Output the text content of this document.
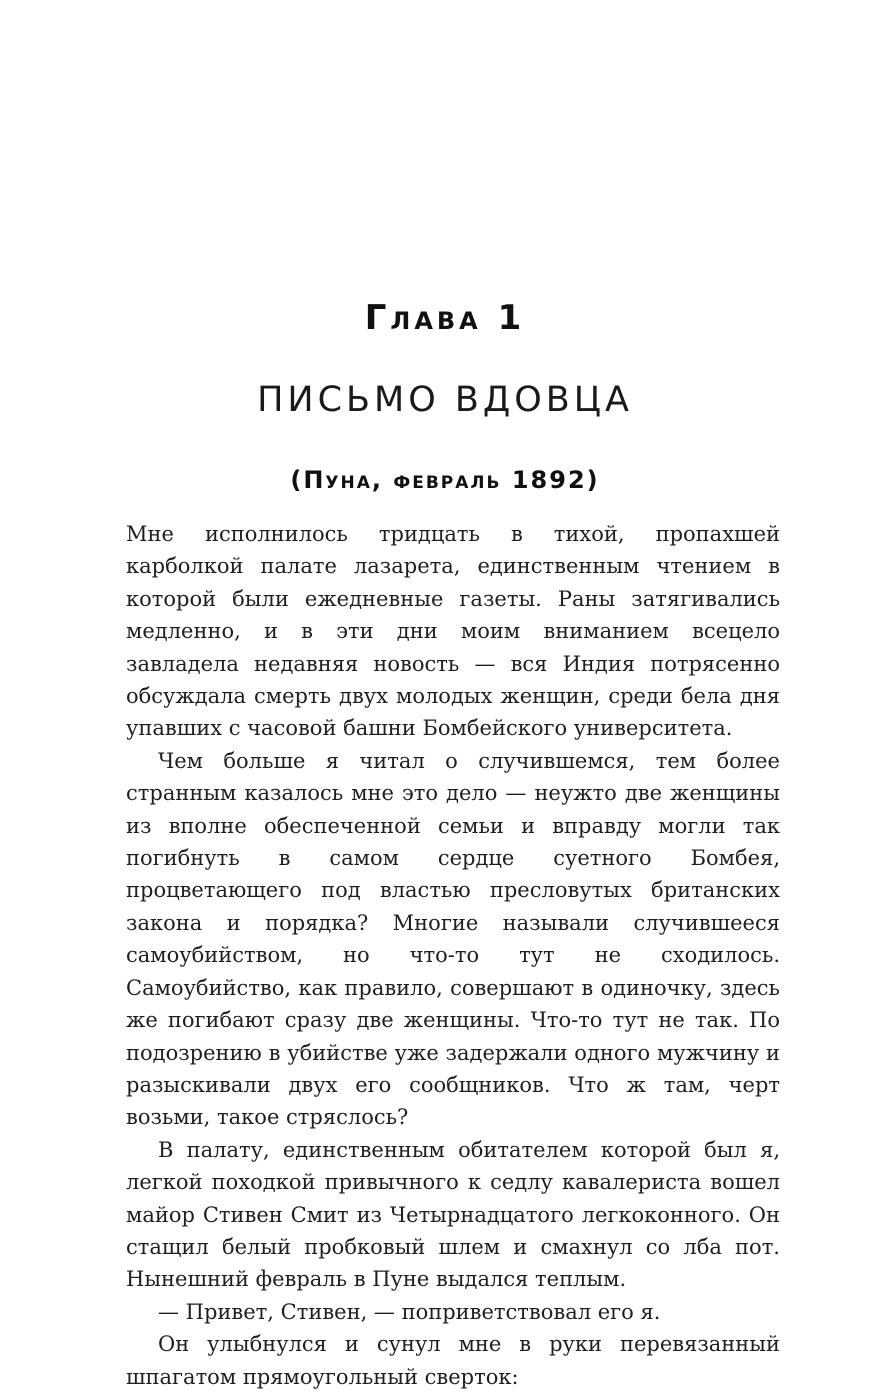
Глава 1
ПИСЬМО ВДОВЦА
(Пуна, февраль 1892)

Мне исполнилось тридцать в тихой, пропахшей карболкой палате лазарета, единственным чтением в которой были ежедневные газеты. Раны затягивались медленно, и в эти дни моим вниманием всецело завладела недавняя новость — вся Индия потрясенно обсуждала смерть двух молодых женщин, среди бела дня упавших с часовой башни Бомбейского университета.

Чем больше я читал о случившемся, тем более странным казалось мне это дело — неужто две женщины из вполне обеспеченной семьи и вправду могли так погибнуть в самом сердце суетного Бомбея, процветающего под властью пресловутых британских закона и порядка? Многие называли случившееся самоубийством, но что-то тут не сходилось. Самоубийство, как правило, совершают в одиночку, здесь же погибают сразу две женщины. Что-то тут не так. По подозрению в убийстве уже задержали одного мужчину и разыскивали двух его сообщников. Что ж там, черт возьми, такое стряслось?

В палату, единственным обитателем которой был я, легкой походкой привычного к седлу кавалериста вошел майор Стивен Смит из Четырнадцатого легкоконного. Он стащил белый пробковый шлем и смахнул со лба пот. Нынешний февраль в Пуне выдался теплым.

— Привет, Стивен, — поприветствовал его я.

Он улыбнулся и сунул мне в руки перевязанный шпагатом прямоугольный сверток:
